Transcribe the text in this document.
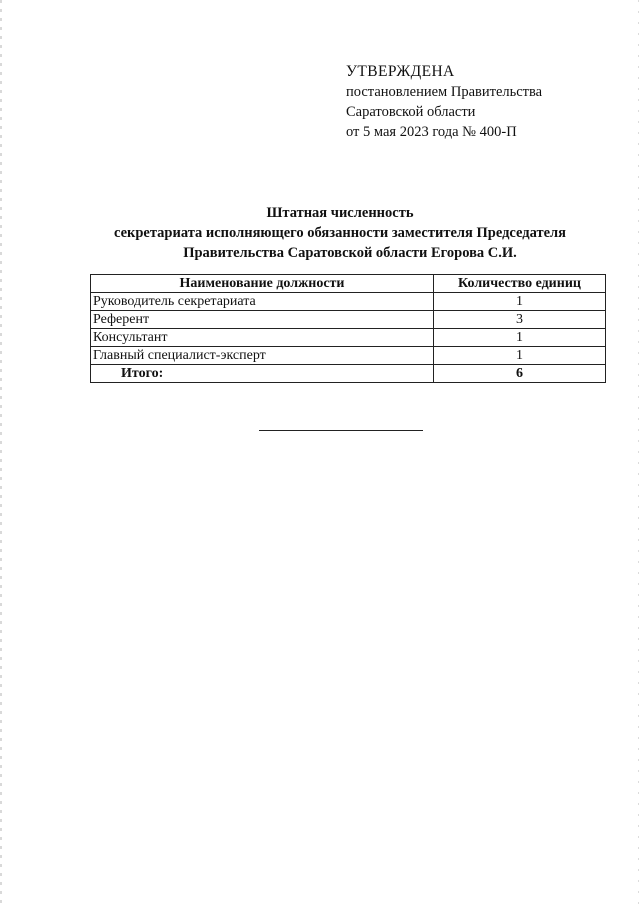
УТВЕРЖДЕНА
постановлением Правительства
Саратовской области
от 5 мая 2023 года № 400-П
Штатная численность
секретариата исполняющего обязанности заместителя Председателя
Правительства Саратовской области Егорова С.И.
Наименование должности	Количество единиц
Руководитель секретариата	1
Референт	3
Консультант	1
Главный специалист-эксперт	1
Итого:	6
